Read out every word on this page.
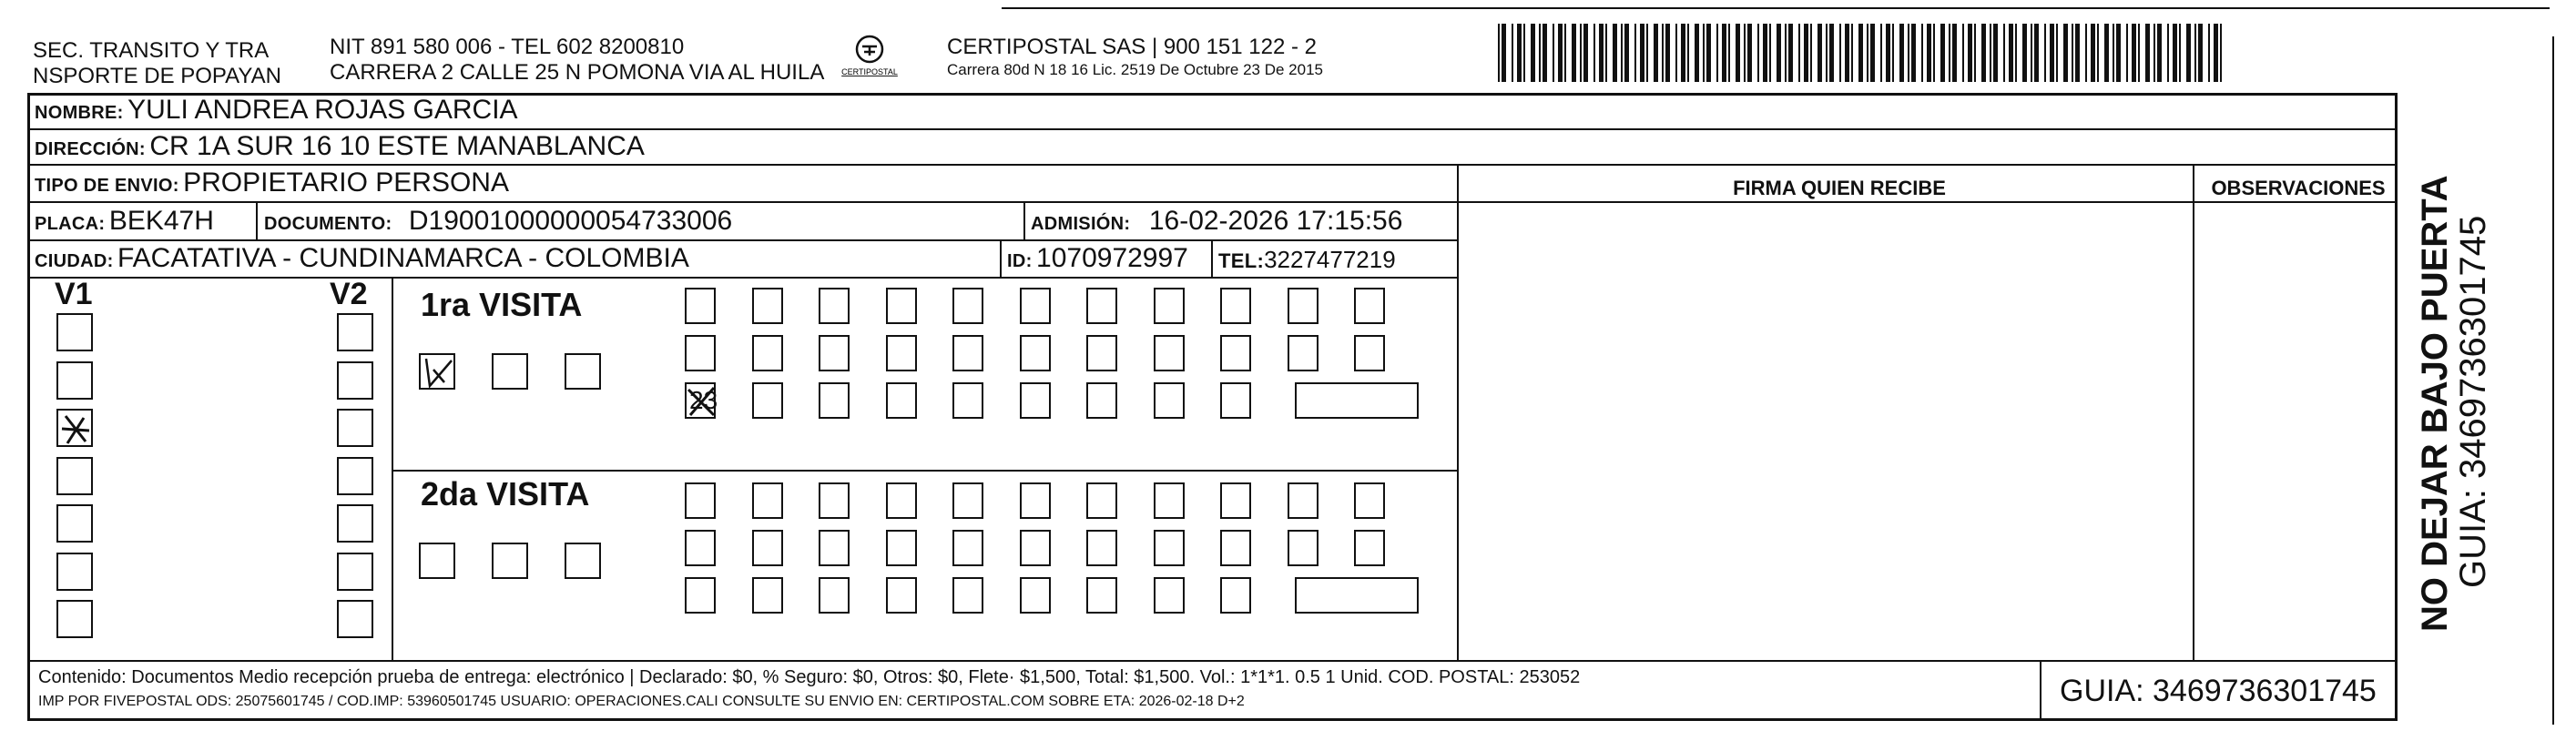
SEC. TRANSITO Y TRA
NSPORTE DE POPAYAN
NIT 891 580 006 - TEL 602 8200810
CARRERA 2 CALLE 25 N POMONA VIA AL HUILA CERTIPOSTAL
CERTIPOSTAL SAS | 900 151 122 - 2
Carrera 80d N 18 16 Lic. 2519 De Octubre 23 De 2015
NOMBRE: YULI ANDREA ROJAS GARCIA
DIRECCIÓN: CR 1A SUR 16 10 ESTE MANABLANCA
TIPO DE ENVIO: PROPIETARIO PERSONA	FIRMA QUIEN RECIBE	OBSERVACIONES
PLACA: BEK47H	DOCUMENTO: D19001000000054733006	ADMISIÓN: 16-02-2026 17:15:56
CIUDAD: FACATATIVA - CUNDINAMARCA - COLOMBIA	ID: 1070972997 TEL:3227477219
V1	V2 1ra VISITA
23
2da VISITA
Contenido: Documentos Medio recepción prueba de entrega: electrónico | Declarado: $0, % Seguro: $0, Otros: $0, Flete· $1,500, Total: $1,500. Vol.: 1*1*1. 0.5 1 Unid. COD. POSTAL: 253052
IMP POR FIVEPOSTAL ODS: 25075601745 / COD.IMP: 53960501745 USUARIO: OPERACIONES.CALI CONSULTE SU ENVIO EN: CERTIPOSTAL.COM SOBRE ETA: 2026-02-18 D+2	GUIA: 3469736301745
NO DEJAR BAJO PUERTA
GUIA: 3469736301745
